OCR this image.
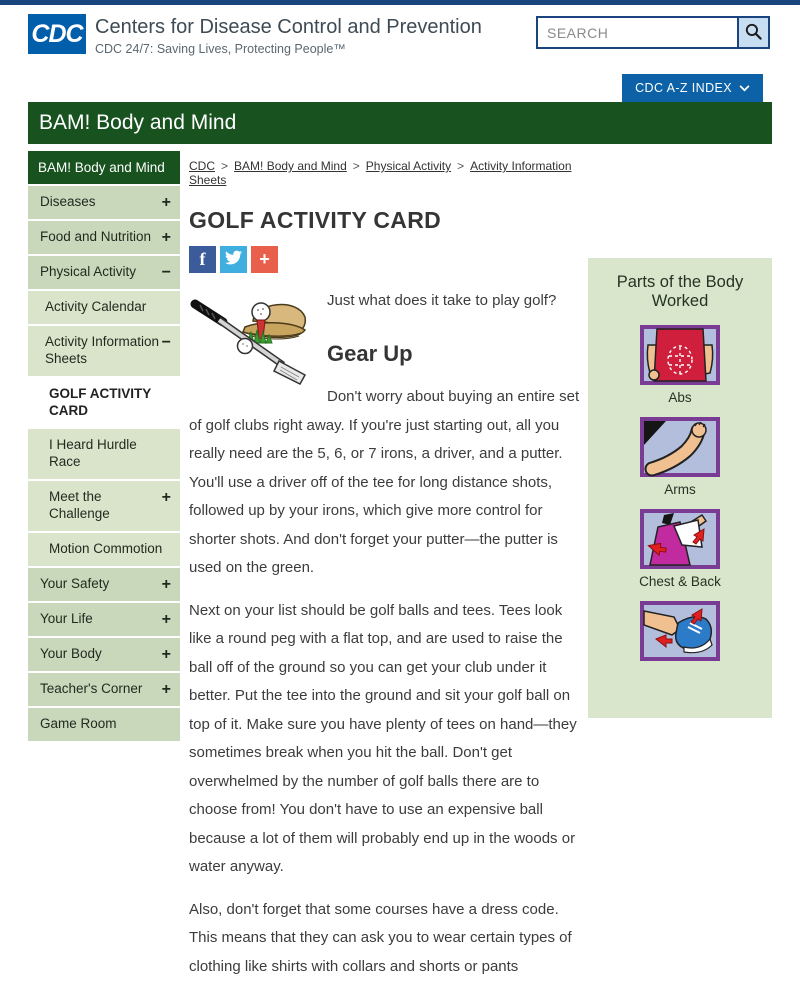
CDC Centers for Disease Control and Prevention
CDC 24/7: Saving Lives, Protecting People™
SEARCH
CDC A-Z INDEX
BAM! Body and Mind
BAM! Body and Mind
Diseases	+
Food and Nutrition +
Physical Activity −
Activity Calendar
Activity Information Sheets
−
GOLF ACTIVITY CARD
I Heard Hurdle Race
Meet the Challenge
+
Motion Commotion
Your Safety	+
Your Life	+
Your Body	+
Teacher's Corner +
Game Room
CDC > BAM! Body and Mind > Physical Activity > Activity Information Sheets
GOLF ACTIVITY CARD
f	+

Just what does it take to play golf?

Gear Up

Don't worry about buying an entire set of golf clubs right away. If you're just starting out, all you really need are the 5, 6, or 7 irons, a driver, and a putter. You'll use a driver off of the tee for long distance shots, followed up by your irons, which give more control for shorter shots. And don't forget your putter—the putter is used on the green.

Next on your list should be golf balls and tees. Tees look like a round peg with a flat top, and are used to raise the ball off of the ground so you can get your club under it better. Put the tee into the ground and sit your golf ball on top of it. Make sure you have plenty of tees on hand—they sometimes break when you hit the ball. Don't get overwhelmed by the number of golf balls there are to choose from! You don't have to use an expensive ball because a lot of them will probably end up in the woods or water anyway.

Also, don't forget that some courses have a dress code. This means that they can ask you to wear certain types of clothing like shirts with collars and shorts or pants

Parts of the Body Worked
Abs
Arms
Chest & Back
